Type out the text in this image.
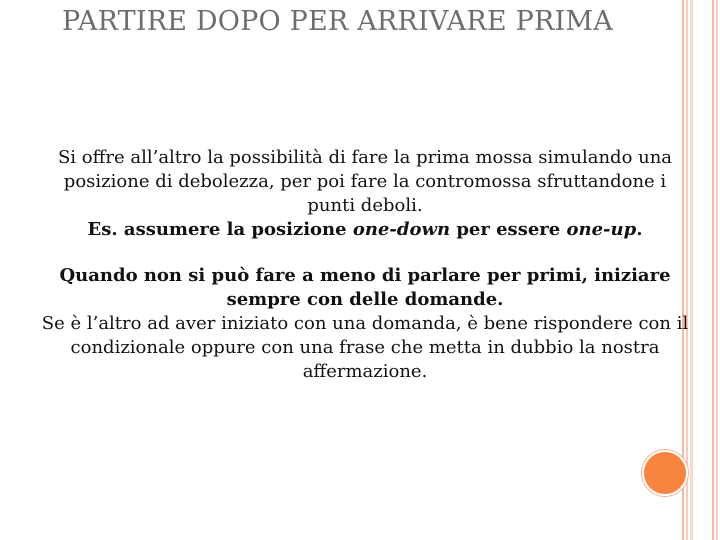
PARTIRE DOPO PER ARRIVARE PRIMA

Si offre all’altro la possibilità di fare la prima mossa simulando una posizione di debolezza, per poi fare la contromossa sfruttandone i punti deboli.

Es. assumere la posizione one-down per essere one-up.

Quando non si può fare a meno di parlare per primi, iniziare sempre con delle domande.

Se è l’altro ad aver iniziato con una domanda, è bene rispondere con il condizionale oppure con una frase che metta in dubbio la nostra affermazione.
